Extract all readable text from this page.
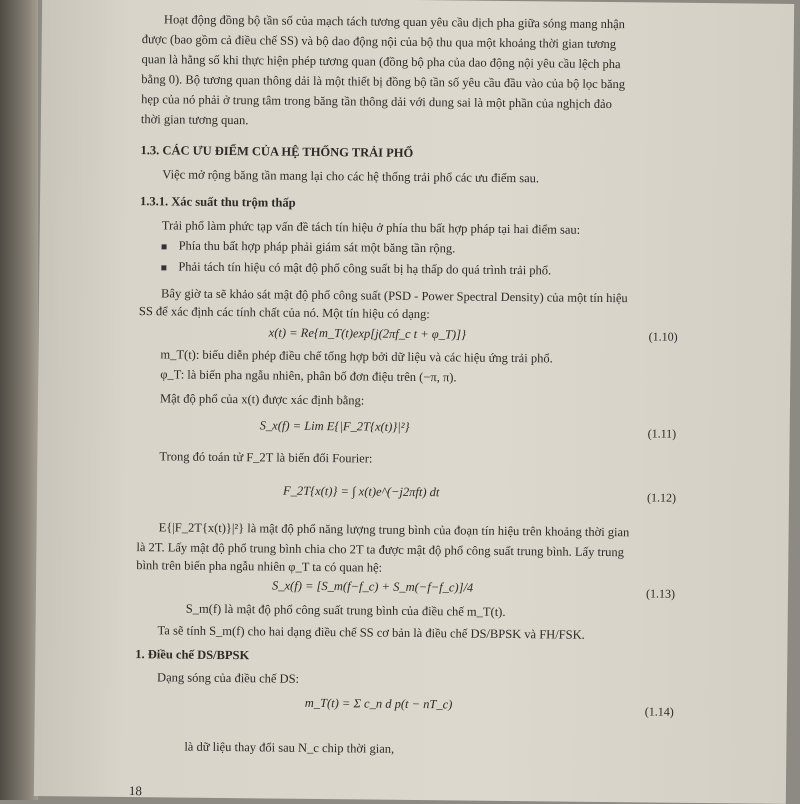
Hoạt động đồng bộ tần số của mạch tách tương quan yêu cầu dịch pha giữa sóng mang nhận
được (bao gồm cả điều chế SS) và bộ dao động nội của bộ thu qua một khoảng thời gian tương
quan là hằng số khi thực hiện phép tương quan (đồng bộ pha của dao động nội yêu cầu lệch pha
bằng 0). Bộ tương quan thông dải là một thiết bị đồng bộ tần số yêu cầu đầu vào của bộ lọc băng
hẹp của nó phải ở trung tâm trong băng tần thông dải với dung sai là một phần của nghịch đảo
thời gian tương quan.
1.3. CÁC ƯU ĐIỂM CỦA HỆ THỐNG TRẢI PHỔ
Việc mở rộng băng tần mang lại cho các hệ thống trải phổ các ưu điểm sau.
1.3.1. Xác suất thu trộm thấp
Trải phổ làm phức tạp vấn đề tách tín hiệu ở phía thu bất hợp pháp tại hai điểm sau:
Phía thu bất hợp pháp phải giám sát một băng tần rộng.
Phải tách tín hiệu có mật độ phổ công suất bị hạ thấp do quá trình trải phổ.
Bây giờ ta sẽ khảo sát mật độ phổ công suất (PSD - Power Spectral Density) của một tín hiệu
SS để xác định các tính chất của nó. Một tín hiệu có dạng:
x(t) = Re{m_T(t)exp[j(2πf_c t + φ_T)]}	(1.10)
m_T(t): biểu diễn phép điều chế tổng hợp bởi dữ liệu và các hiệu ứng trải phổ.
φ_T: là biến pha ngẫu nhiên, phân bố đơn điệu trên (−π, π).
Mật độ phổ của x(t) được xác định bằng:
S_x(f) = Lim E{|F_2T{x(t)}|²}	(1.11)
Trong đó toán tử F_2T là biến đổi Fourier:
F_2T{x(t)} = ∫ x(t)e^(−j2πft) dt	(1.12)
E{|F_2T{x(t)}|²} là mật độ phổ năng lượng trung bình của đoạn tín hiệu trên khoảng thời gian
là 2T. Lấy mật độ phổ trung bình chia cho 2T ta được mật độ phổ công suất trung bình. Lấy trung
bình trên biến pha ngẫu nhiên φ_T ta có quan hệ:
S_x(f) = [S_m(f−f_c) + S_m(−f−f_c)]/4	(1.13)
S_m(f) là mật độ phổ công suất trung bình của điều chế m_T(t).
Ta sẽ tính S_m(f) cho hai dạng điều chế SS cơ bản là điều chế DS/BPSK và FH/FSK.
1. Điều chế DS/BPSK
Dạng sóng của điều chế DS:
m_T(t) = Σ c_n d p(t − nT_c)
(1.14)
là dữ liệu thay đổi sau N_c chip thời gian,
18
